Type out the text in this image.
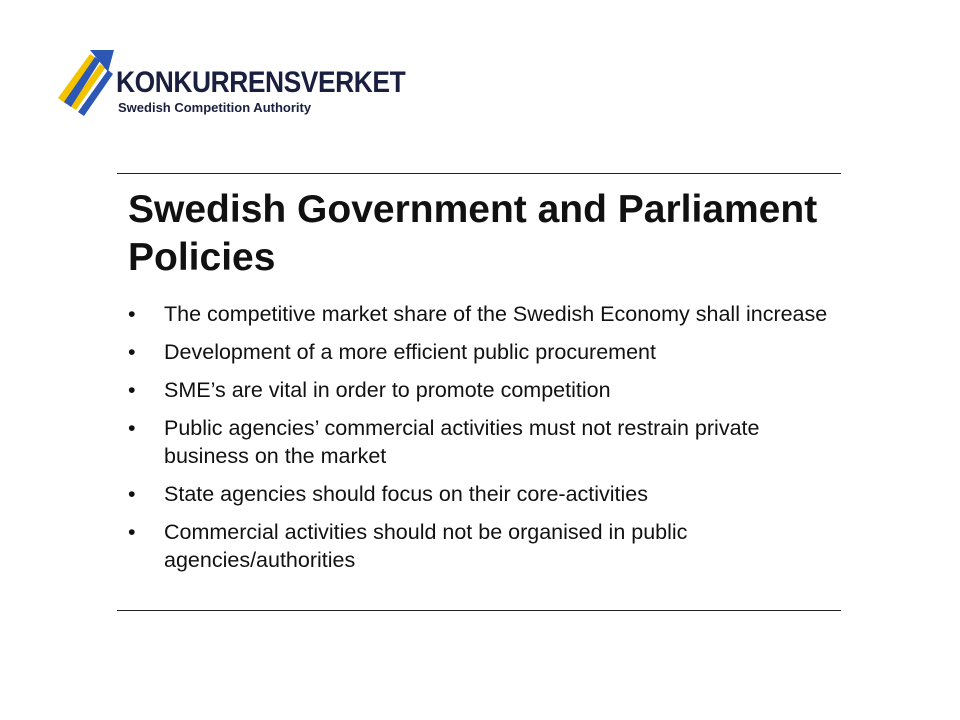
KONKURRENSVERKET
Swedish Competition Authority
Swedish Government and Parliament Policies
• The competitive market share of the Swedish Economy shall increase
• Development of a more efficient public procurement
• SME’s are vital in order to promote competition
• Public agencies’ commercial activities must not restrain private business on the market
• State agencies should focus on their core-activities
• Commercial activities should not be organised in public agencies/authorities
